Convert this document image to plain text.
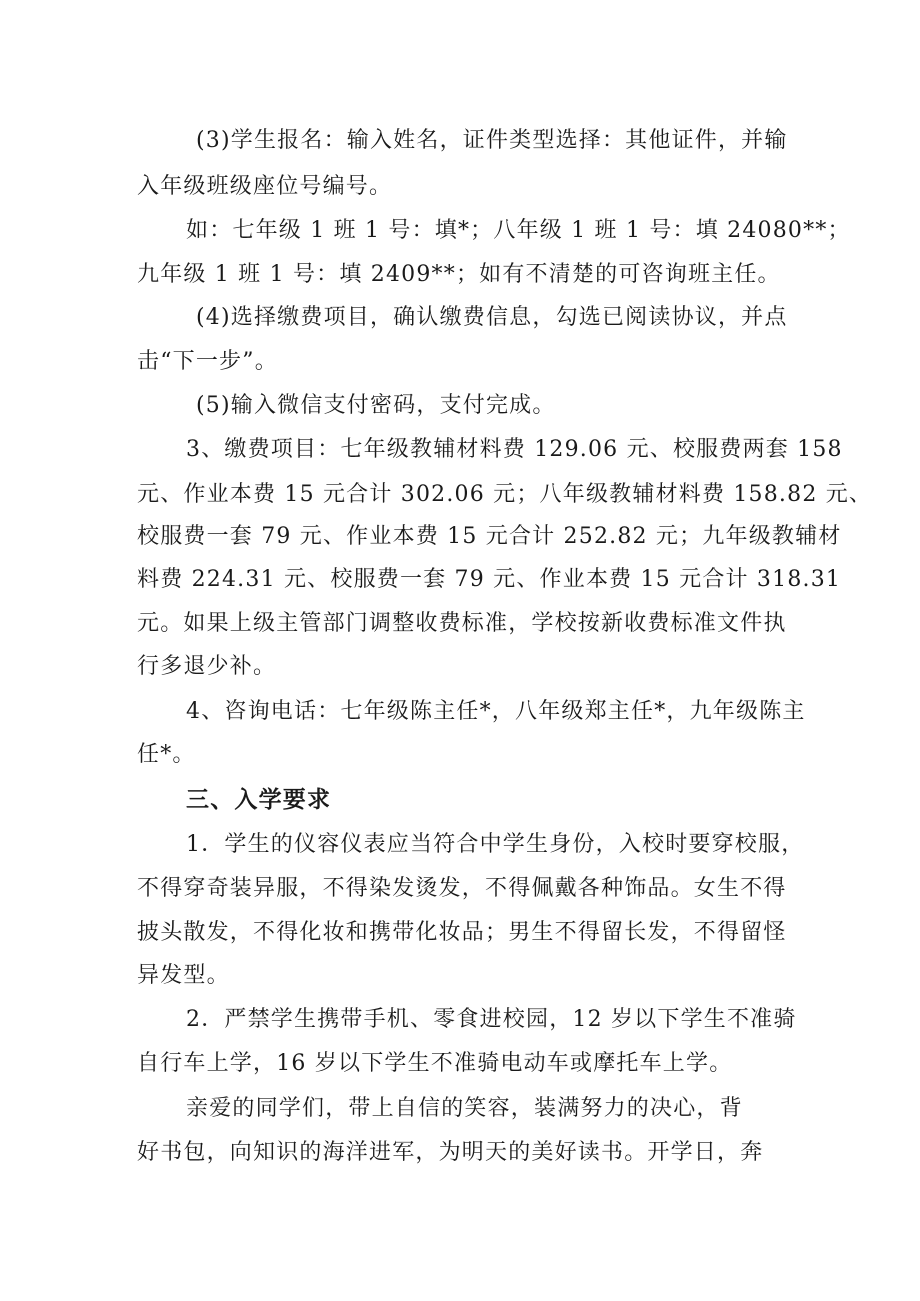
(3)学生报名：输入姓名，证件类型选择：其他证件，并输
入年级班级座位号编号。
如：七年级 1 班 1 号：填*；八年级 1 班 1 号：填 24080**；
九年级 1 班 1 号：填 2409**；如有不清楚的可咨询班主任。
(4)选择缴费项目，确认缴费信息，勾选已阅读协议，并点
击“下一步”。
(5)输入微信支付密码，支付完成。
3、缴费项目：七年级教辅材料费 129.06 元、校服费两套 158
元、作业本费 15 元合计 302.06 元；八年级教辅材料费 158.82 元、
校服费一套 79 元、作业本费 15 元合计 252.82 元；九年级教辅材
料费 224.31 元、校服费一套 79 元、作业本费 15 元合计 318.31
元。如果上级主管部门调整收费标准，学校按新收费标准文件执
行多退少补。
4、咨询电话：七年级陈主任*，八年级郑主任*，九年级陈主
任*。
三、入学要求
1．学生的仪容仪表应当符合中学生身份，入校时要穿校服，
不得穿奇装异服，不得染发烫发，不得佩戴各种饰品。女生不得
披头散发，不得化妆和携带化妆品；男生不得留长发，不得留怪
异发型。
2．严禁学生携带手机、零食进校园，12 岁以下学生不准骑
自行车上学，16 岁以下学生不准骑电动车或摩托车上学。
亲爱的同学们，带上自信的笑容，装满努力的决心，背
好书包，向知识的海洋进军，为明天的美好读书。开学日，奔
